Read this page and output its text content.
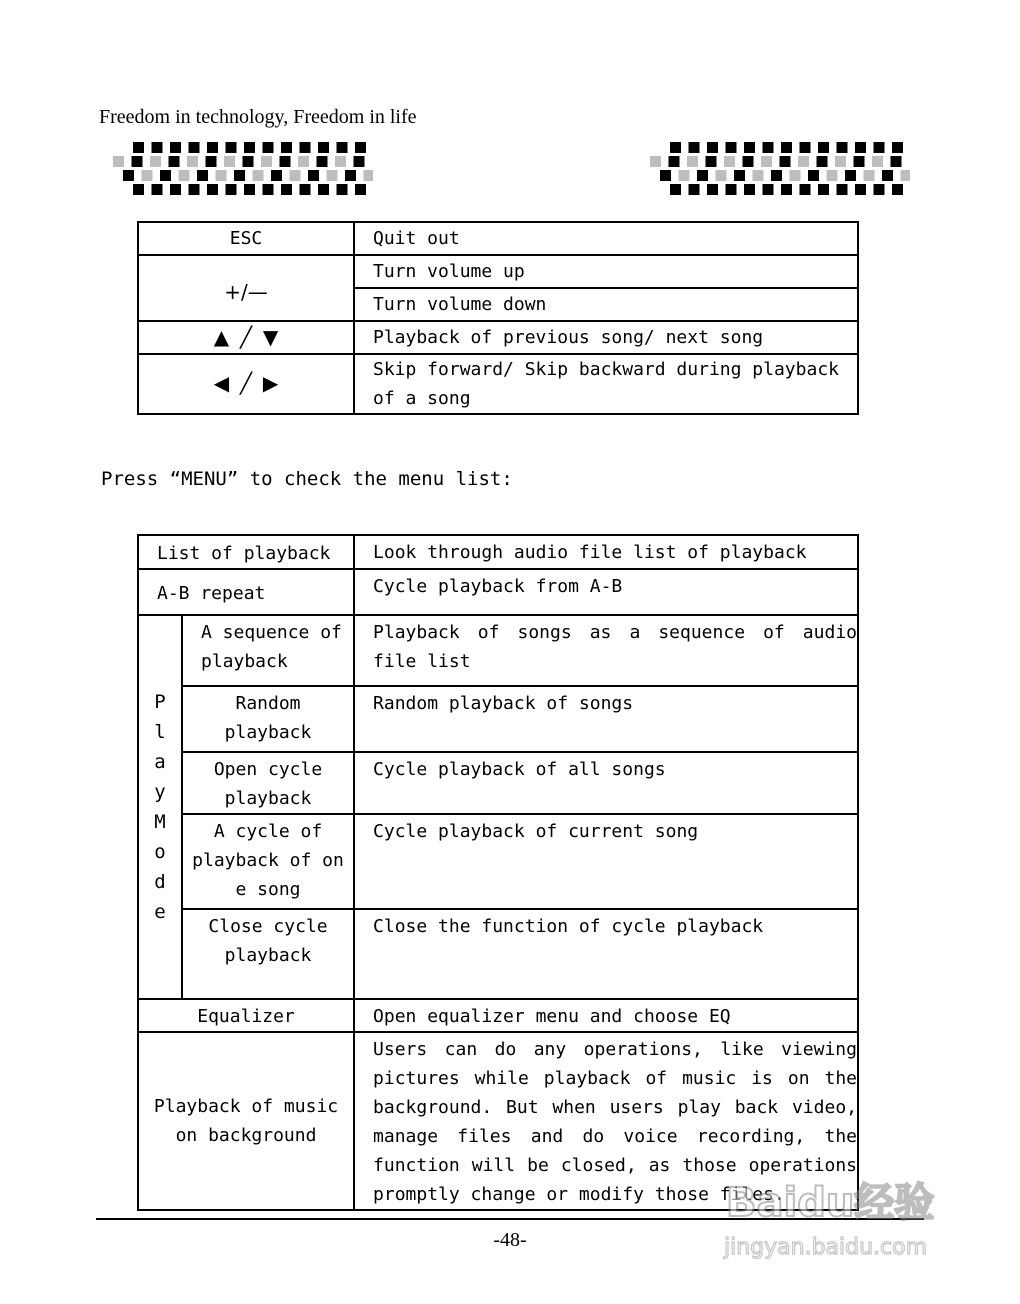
Freedom in technology, Freedom in life
ESC	Quit out
+/—	Turn volume up
	Turn volume down
▲ ╱ ▼	Playback of previous song/ next song
◀ ╱ ▶	Skip forward/ Skip backward during playback of a song
Press “MENU” to check the menu list:
List of playback		Look through audio file list of playback
A-B repeat		Cycle playback from A-B
PlayMode	A sequence of playback	Playback of songs as a sequence of audio file list
	Random playback	Random playback of songs
	Open cycle playback	Cycle playback of all songs
	A cycle of playback of on e song	Cycle playback of current song
	Close cycle playback	Close the function of cycle playback
Equalizer		Open equalizer menu and choose EQ
Playback of music on background		Users can do any operations, like viewing pictures while playback of music is on the background. But when users play back video, manage files and do voice recording, the function will be closed, as those operations promptly change or modify those files.
-48-
Baidu经验
jingyan.baidu.com
